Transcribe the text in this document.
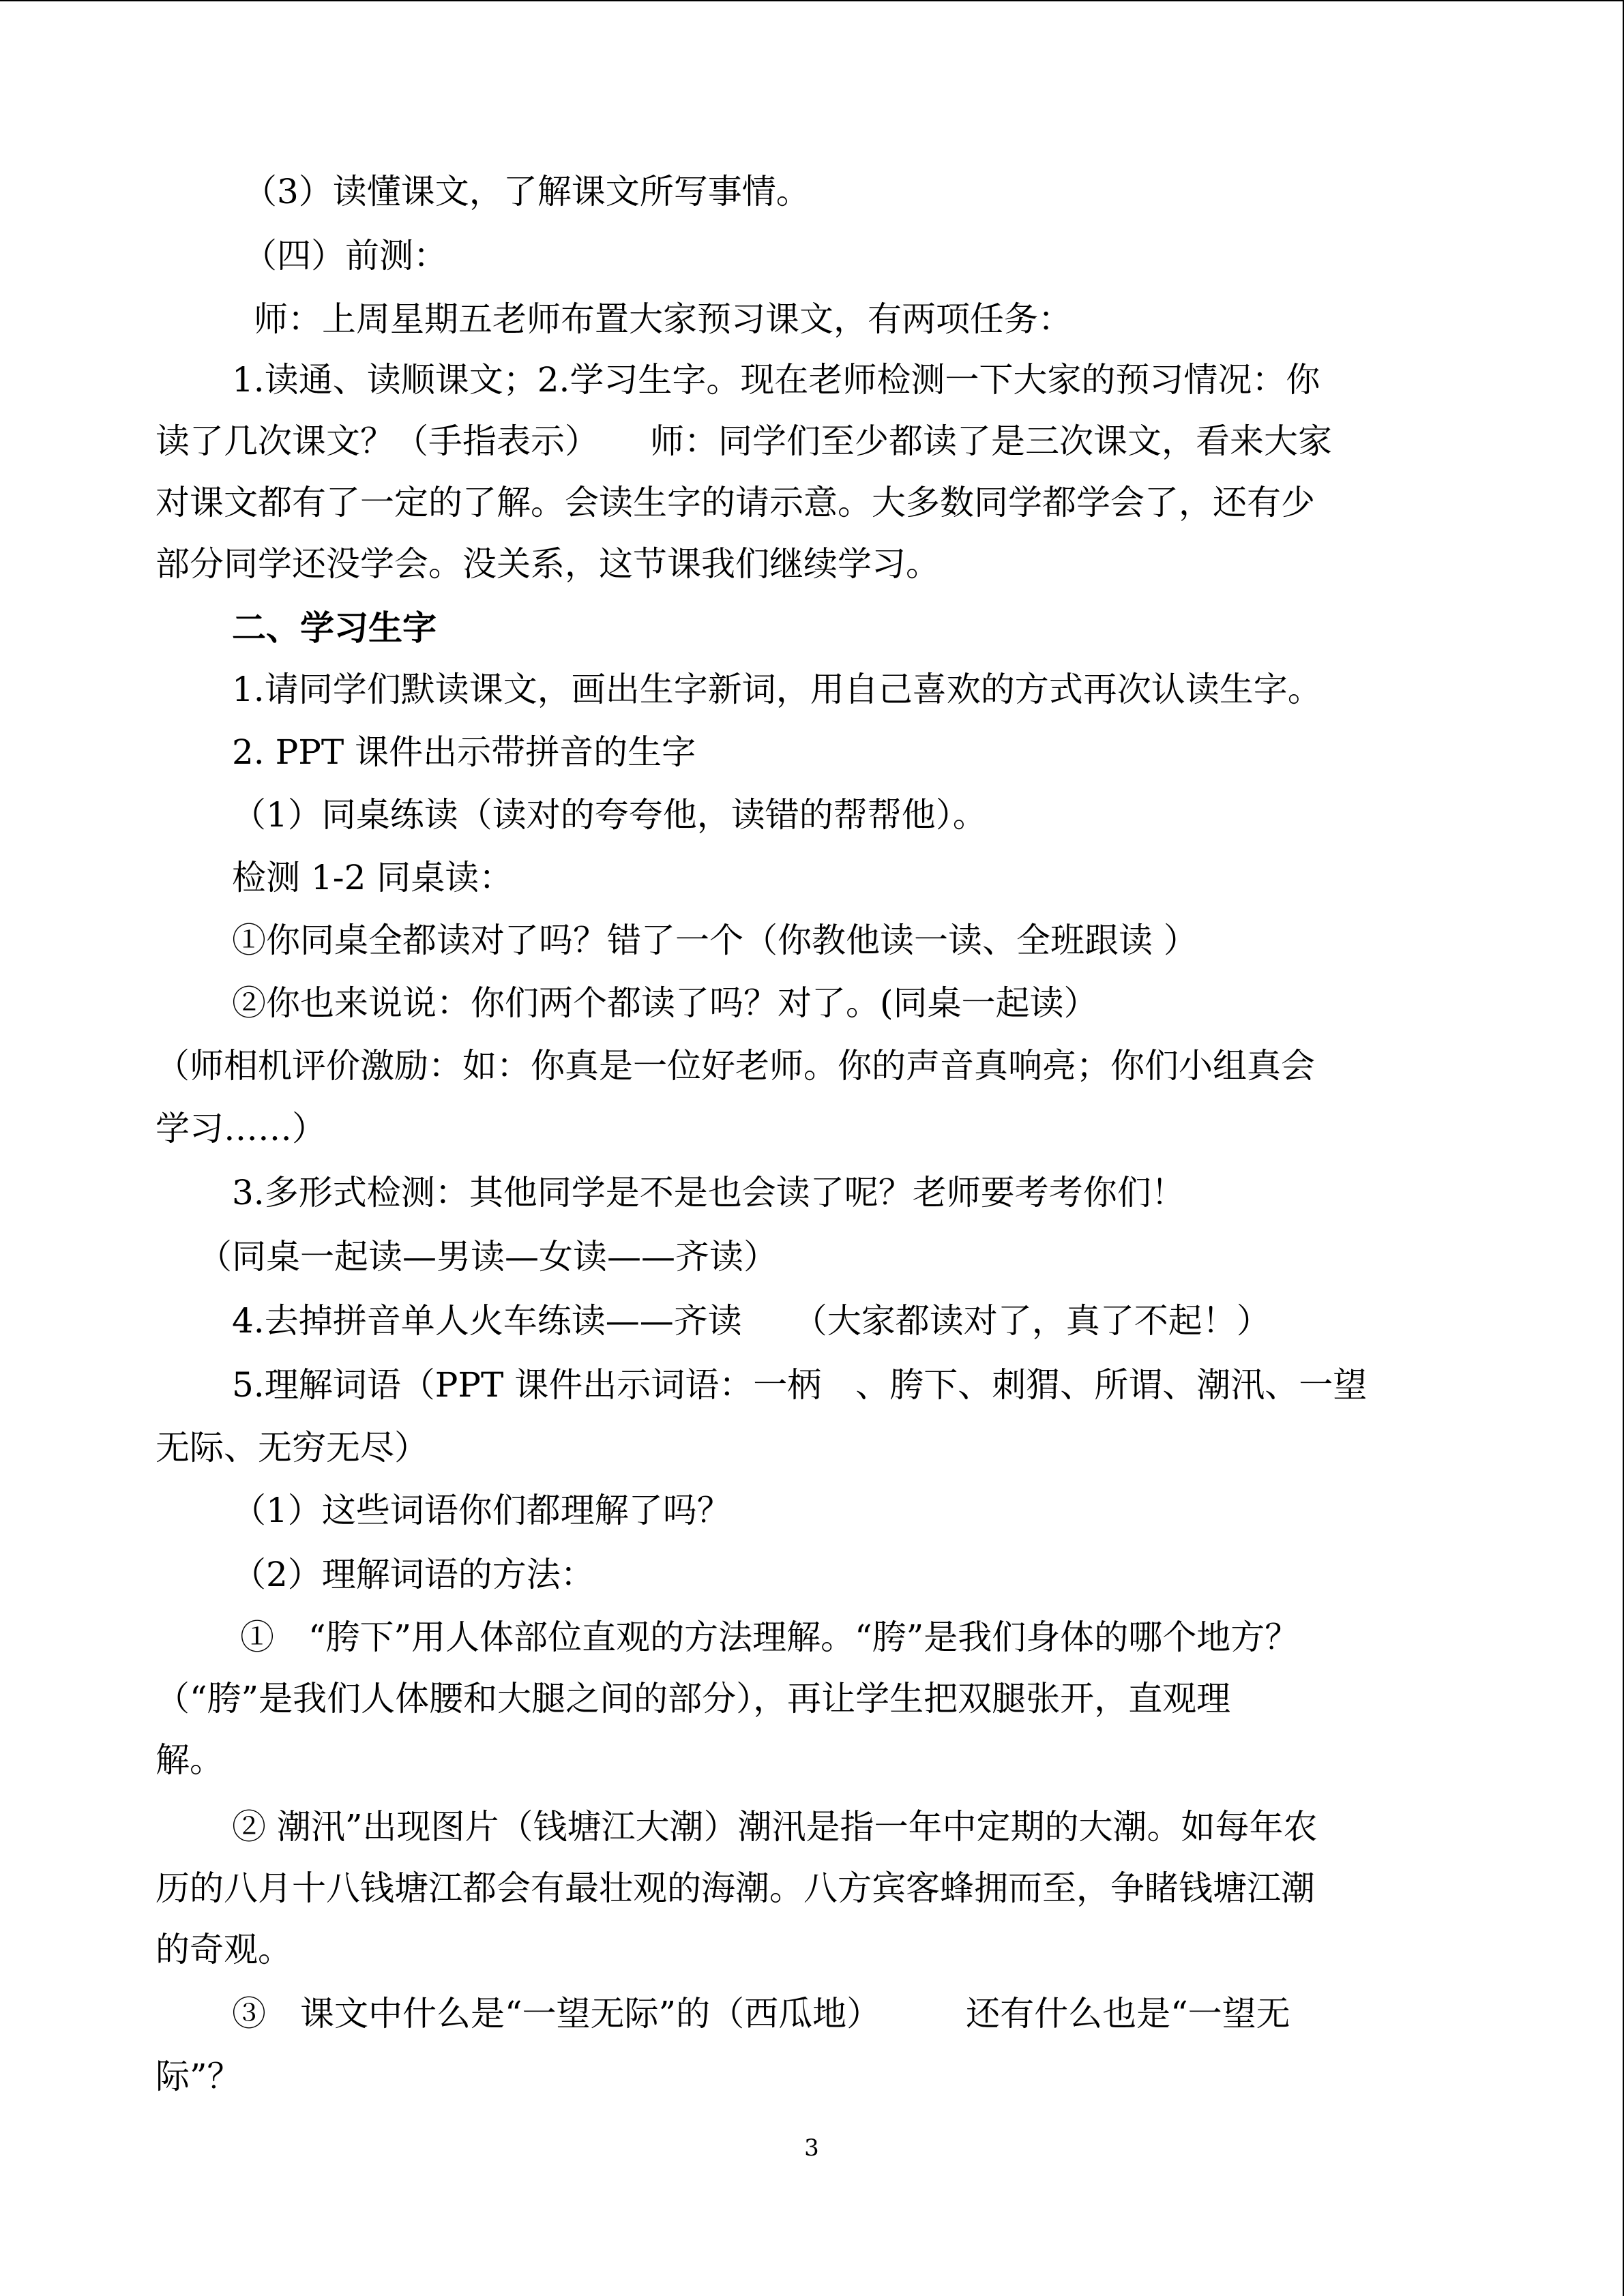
（3）读懂课文，了解课文所写事情。
（四）前测：
师：上周星期五老师布置大家预习课文，有两项任务：
1.读通、读顺课文；2.学习生字。现在老师检测一下大家的预习情况：你
读了几次课文？（手指表示）　　师：同学们至少都读了是三次课文，看来大家
对课文都有了一定的了解。会读生字的请示意。大多数同学都学会了，还有少
部分同学还没学会。没关系，这节课我们继续学习。
二、学习生字
1.请同学们默读课文，画出生字新词，用自己喜欢的方式再次认读生字。
2. PPT 课件出示带拼音的生字
（1）同桌练读（读对的夸夸他，读错的帮帮他）。
检测 1-2 同桌读：
①你同桌全都读对了吗？错了一个（你教他读一读、全班跟读 ）
②你也来说说：你们两个都读了吗？对了。(同桌一起读）
（师相机评价激励：如：你真是一位好老师。你的声音真响亮；你们小组真会
学习……）
3.多形式检测：其他同学是不是也会读了呢？老师要考考你们！
（同桌一起读—男读—女读——齐读）
4.去掉拼音单人火车练读——齐读　　（大家都读对了，真了不起！）
5.理解词语（PPT 课件出示词语：一柄　、胯下、刺猬、所谓、潮汛、一望
无际、无穷无尽）
（1）这些词语你们都理解了吗？
（2）理解词语的方法：
①　“胯下”用人体部位直观的方法理解。“胯”是我们身体的哪个地方？
（“胯”是我们人体腰和大腿之间的部分），再让学生把双腿张开，直观理
解。
② 潮汛”出现图片（钱塘江大潮）潮汛是指一年中定期的大潮。如每年农
历的八月十八钱塘江都会有最壮观的海潮。八方宾客蜂拥而至，争睹钱塘江潮
的奇观。
③　课文中什么是“一望无际”的（西瓜地）　　　还有什么也是“一望无
际”？
3
